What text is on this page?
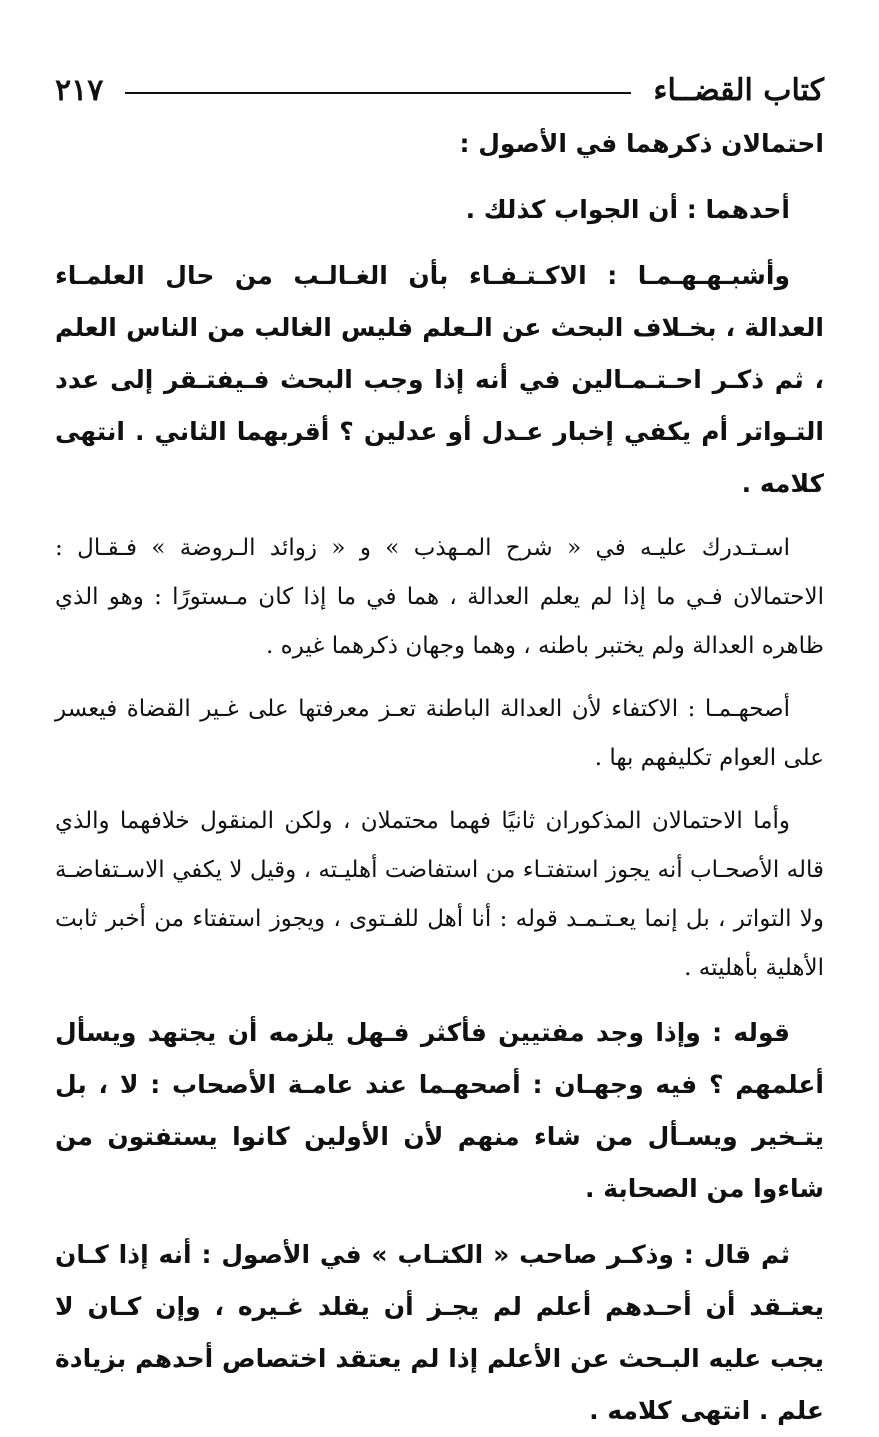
كتاب القضــاء
٢١٧

احتمالان ذكرهما في الأصول :

أحدهما : أن الجواب كذلك .

وأشبـهـهـمـا : الاكـتـفـاء بأن الغـالـب من حال العلمـاء العدالة ، بخـلاف البحث عن الـعلم فليس الغالب من الناس العلم ، ثم ذكـر احـتـمـالين في أنه إذا وجب البحث فـيفتـقر إلى عدد التـواتر أم يكفي إخبار عـدل أو عدلين ؟ أقربهما الثاني . انتهى كلامه .

اسـتـدرك عليـه في « شرح المـهذب » و « زوائد الـروضة » فـقـال : الاحتمالان فـي ما إذا لم يعلم العدالة ، هما في ما إذا كان مـستورًا : وهو الذي ظاهره العدالة ولم يختبر باطنه ، وهما وجهان ذكرهما غيره .

أصحهـمـا : الاكتفاء لأن العدالة الباطنة تعـز معرفتها على غـير القضاة فيعسر على العوام تكليفهم بها .

وأما الاحتمالان المذكوران ثانيًا فهما محتملان ، ولكن المنقول خلافهما والذي قاله الأصحـاب أنه يجوز استفتـاء من استفاضت أهليـته ، وقيل لا يكفي الاسـتفاضـة ولا التواتر ، بل إنما يعـتـمـد قوله : أنا أهل للفـتوى ، ويجوز استفتاء من أخبر ثابت الأهلية بأهليته .

قوله : وإذا وجد مفتيين فأكثر فـهل يلزمه أن يجتهد ويسأل أعلمهم ؟ فيه وجهـان : أصحهـما عند عامـة الأصحاب : لا ، بل يتـخير ويسـأل من شاء منهم لأن الأولين كانوا يستفتون من شاءوا من الصحابة .

ثم قال : وذكـر صاحب « الكتـاب » في الأصول : أنه إذا كـان يعتـقد أن أحـدهم أعلم لم يجـز أن يقلد غـيره ، وإن كـان لا يجب عليه البـحث عن الأعلم إذا لم يعتقد اختصاص أحدهم بزيادة علم . انتهى كلامه .
